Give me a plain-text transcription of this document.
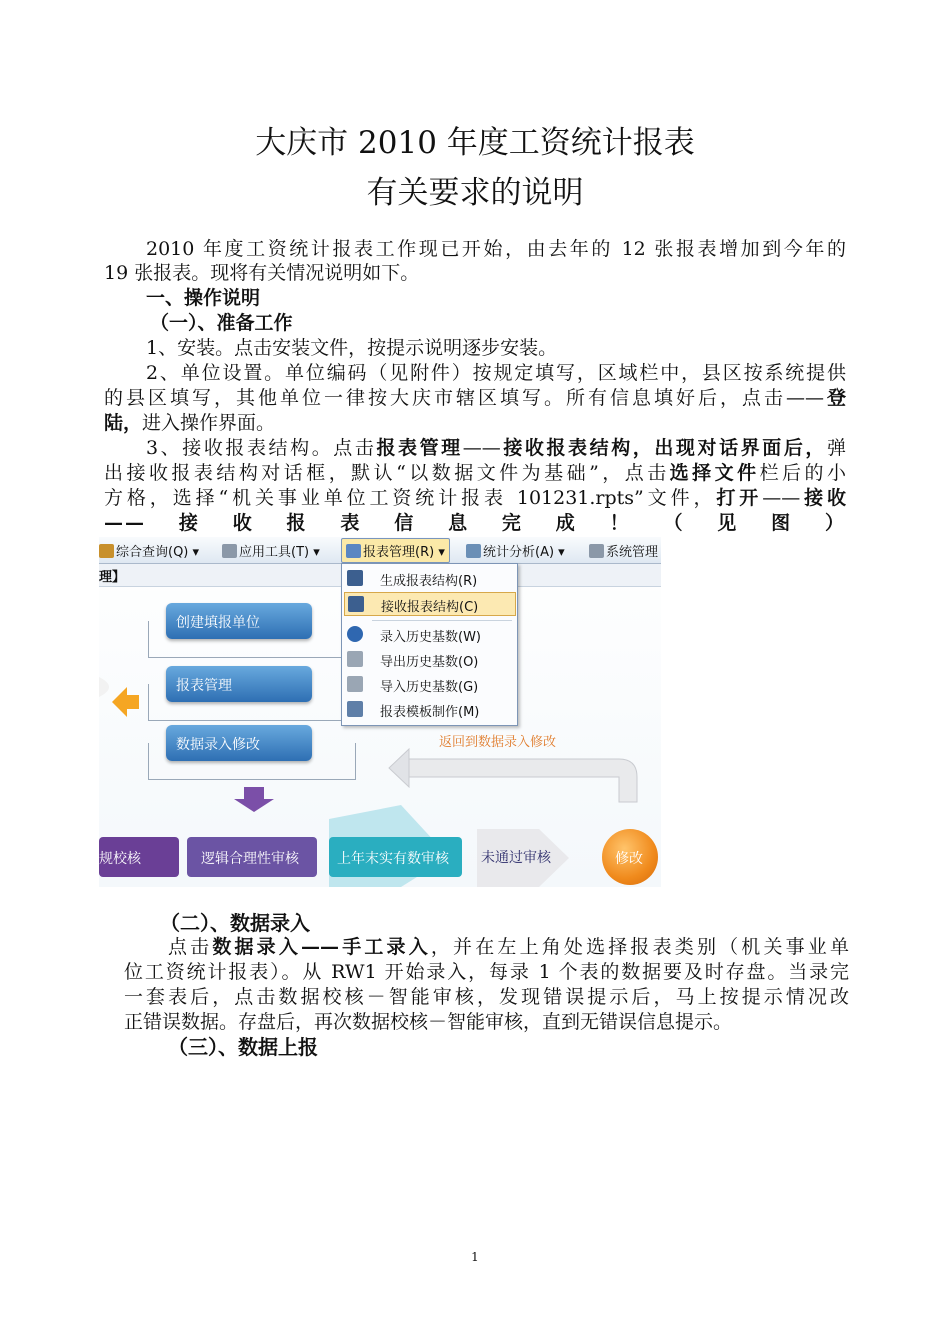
大庆市 2010 年度工资统计报表
有关要求的说明
2010 年度工资统计报表工作现已开始，由去年的 12 张报表增加到今年的
19 张报表。现将有关情况说明如下。
一、操作说明
（一）、准备工作
1、安装。点击安装文件，按提示说明逐步安装。
2、单位设置。单位编码（见附件）按规定填写，区域栏中，县区按系统提供
的县区填写，其他单位一律按大庆市辖区填写。所有信息填好后，点击——登
陆，进入操作界面。
3、接收报表结构。点击报表管理——接收报表结构，出现对话界面后，弹
出接收报表结构对话框，默认“以数据文件为基础”，点击选择文件栏后的小
方格，选择“机关事业单位工资统计报表 101231.rpts”文件，打开——接收
——接收报表信息完成！（见图）
综合查询(Q) ▾	应用工具(T) ▾	报表管理(R) ▾	统计分析(A) ▾	系统管理
理】
创建填报单位
报表管理
数据录入修改	返回到数据录入修改
规校核	逻辑合理性审核	上年末实有数审核 未通过审核	修改
生成报表结构(R)
接收报表结构(C)
录入历史基数(W)
导出历史基数(O)
导入历史基数(G)
报表模板制作(M)
（二）、数据录入
点击数据录入——手工录入，并在左上角处选择报表类别（机关事业单
位工资统计报表）。从 RW1 开始录入，每录 1 个表的数据要及时存盘。当录完
一套表后，点击数据校核－智能审核，发现错误提示后，马上按提示情况改
正错误数据。存盘后，再次数据校核－智能审核，直到无错误信息提示。
（三）、数据上报
1
